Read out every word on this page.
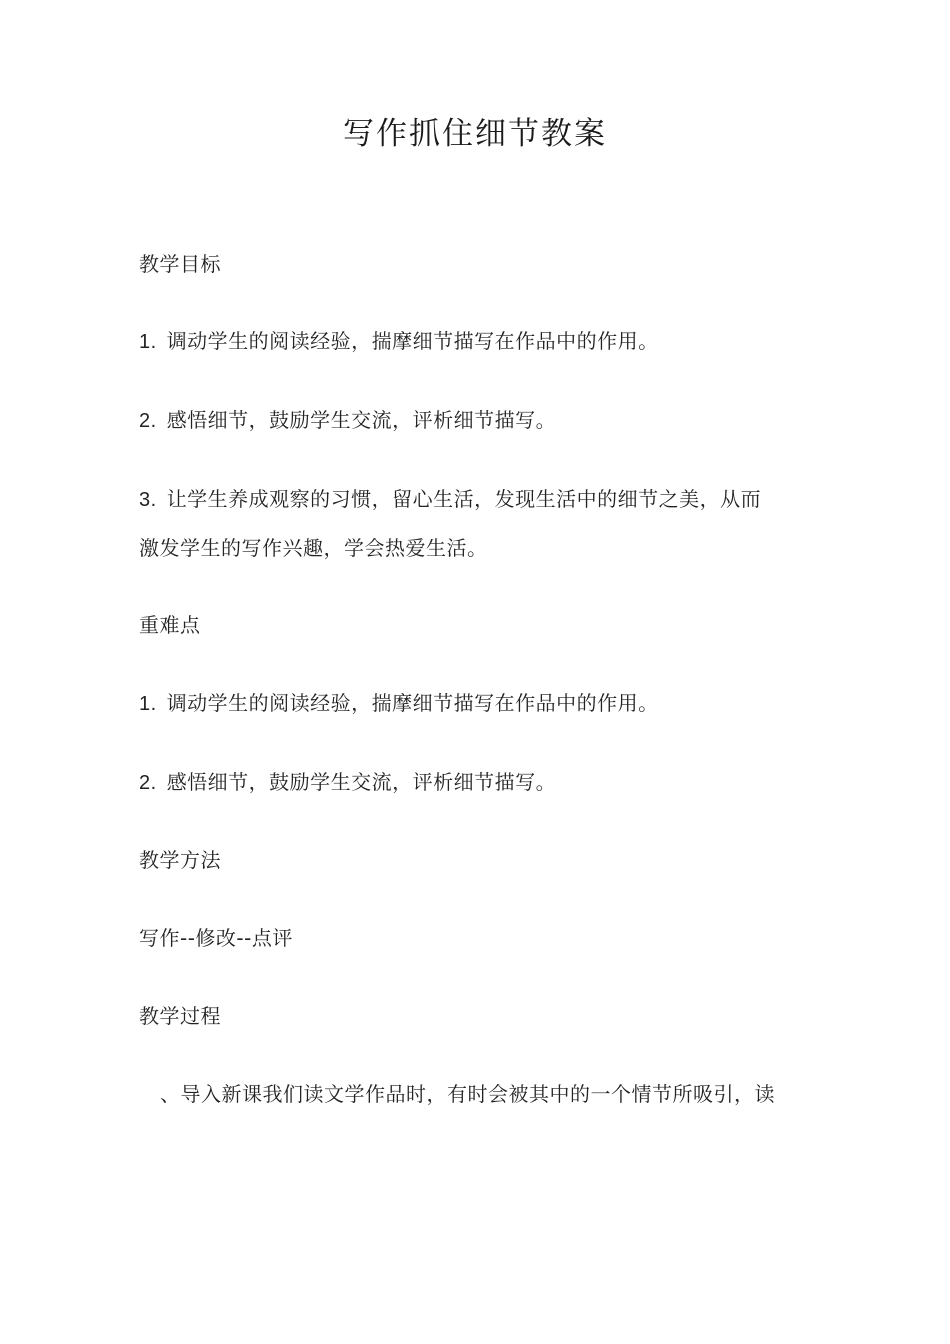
写作抓住细节教案
教学目标
1. 调动学生的阅读经验，揣摩细节描写在作品中的作用。
2. 感悟细节，鼓励学生交流，评析细节描写。
3. 让学生养成观察的习惯，留心生活，发现生活中的细节之美，从而
激发学生的写作兴趣，学会热爱生活。
重难点
1. 调动学生的阅读经验，揣摩细节描写在作品中的作用。
2. 感悟细节，鼓励学生交流，评析细节描写。
教学方法
写作--修改--点评
教学过程
、导入新课我们读文学作品时，有时会被其中的一个情节所吸引，读
